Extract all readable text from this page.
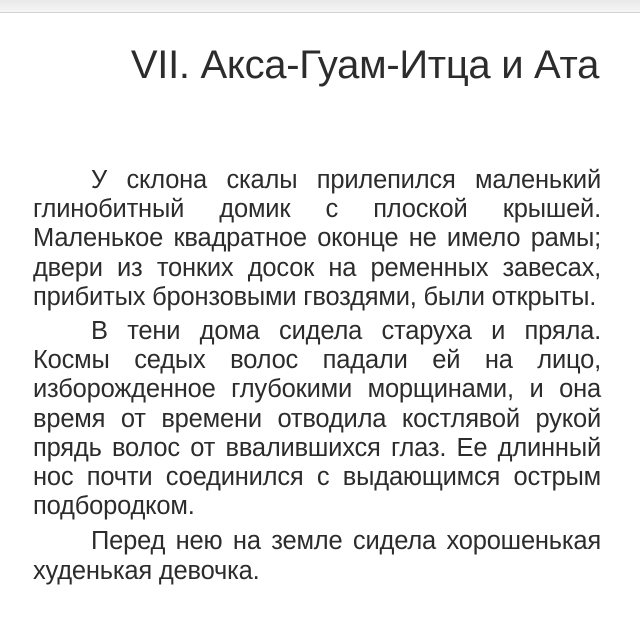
VII. Акса-Гуам-Итца и Ата

У склона скалы прилепился маленький глинобитный домик с плоской крышей. Маленькое квадратное оконце не имело рамы; двери из тонких досок на ременных завесах, прибитых бронзовыми гвоздями, были открыты.

В тени дома сидела старуха и пряла. Космы седых волос падали ей на лицо, изборожденное глубокими морщинами, и она время от времени отводила костлявой рукой прядь волос от ввалившихся глаз. Ее длинный нос почти соединился с выдающимся острым подбородком.

Перед нею на земле сидела хорошенькая худенькая девочка.
